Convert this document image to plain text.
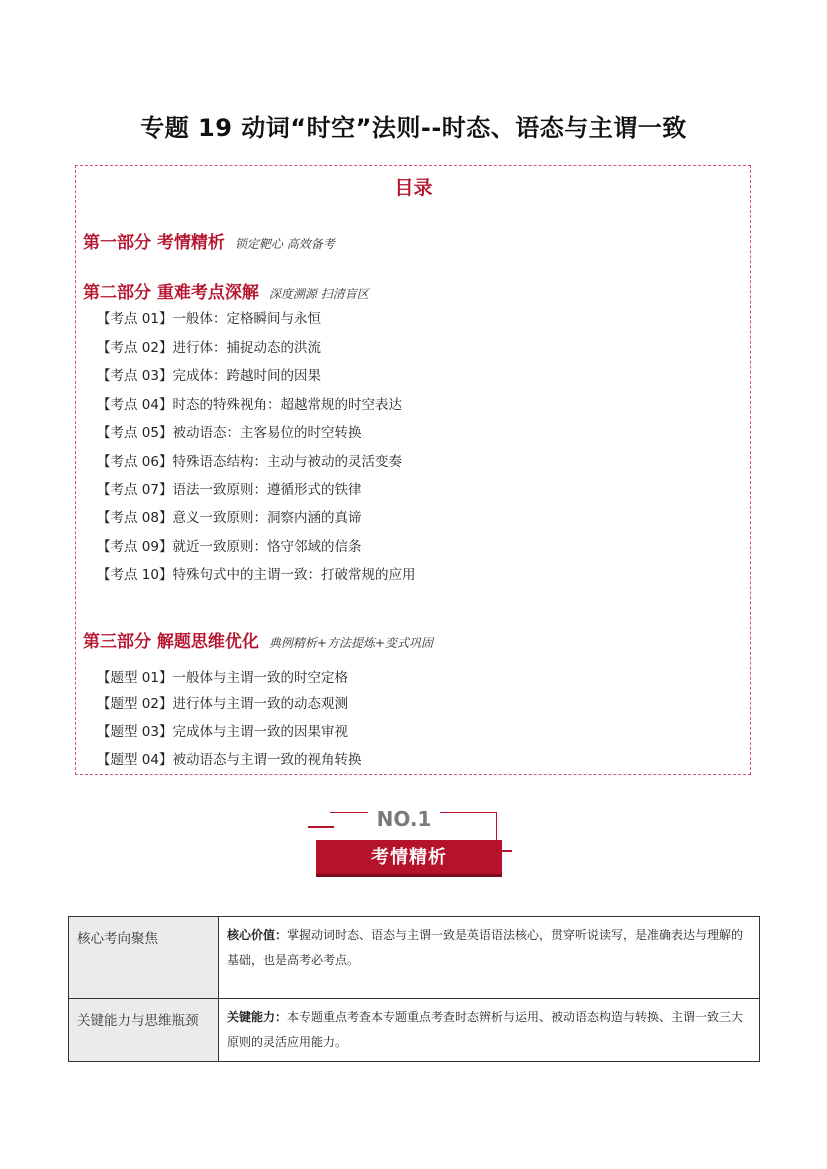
专题 19 动词“时空”法则--时态、语态与主谓一致
目录
第一部分 考情精析 锁定靶心 高效备考
第二部分 重难考点深解 深度溯源 扫清盲区
【考点 01】一般体：定格瞬间与永恒
【考点 02】进行体：捕捉动态的洪流
【考点 03】完成体：跨越时间的因果
【考点 04】时态的特殊视角：超越常规的时空表达
【考点 05】被动语态：主客易位的时空转换
【考点 06】特殊语态结构：主动与被动的灵活变奏
【考点 07】语法一致原则：遵循形式的铁律
【考点 08】意义一致原则：洞察内涵的真谛
【考点 09】就近一致原则：恪守邻域的信条
【考点 10】特殊句式中的主谓一致：打破常规的应用
第三部分 解题思维优化 典例精析+方法提炼+变式巩固
【题型 01】一般体与主谓一致的时空定格
【题型 02】进行体与主谓一致的动态观测
【题型 03】完成体与主谓一致的因果审视
【题型 04】被动语态与主谓一致的视角转换
NO.1
考情精析
核心考向聚焦	核心价值：掌握动词时态、语态与主谓一致是英语语法核心，贯穿听说读写，是准确表达与理解的基础，也是高考必考点。
关键能力与思维瓶颈	关键能力：本专题重点考查本专题重点考查时态辨析与运用、被动语态构造与转换、主谓一致三大原则的灵活应用能力。
